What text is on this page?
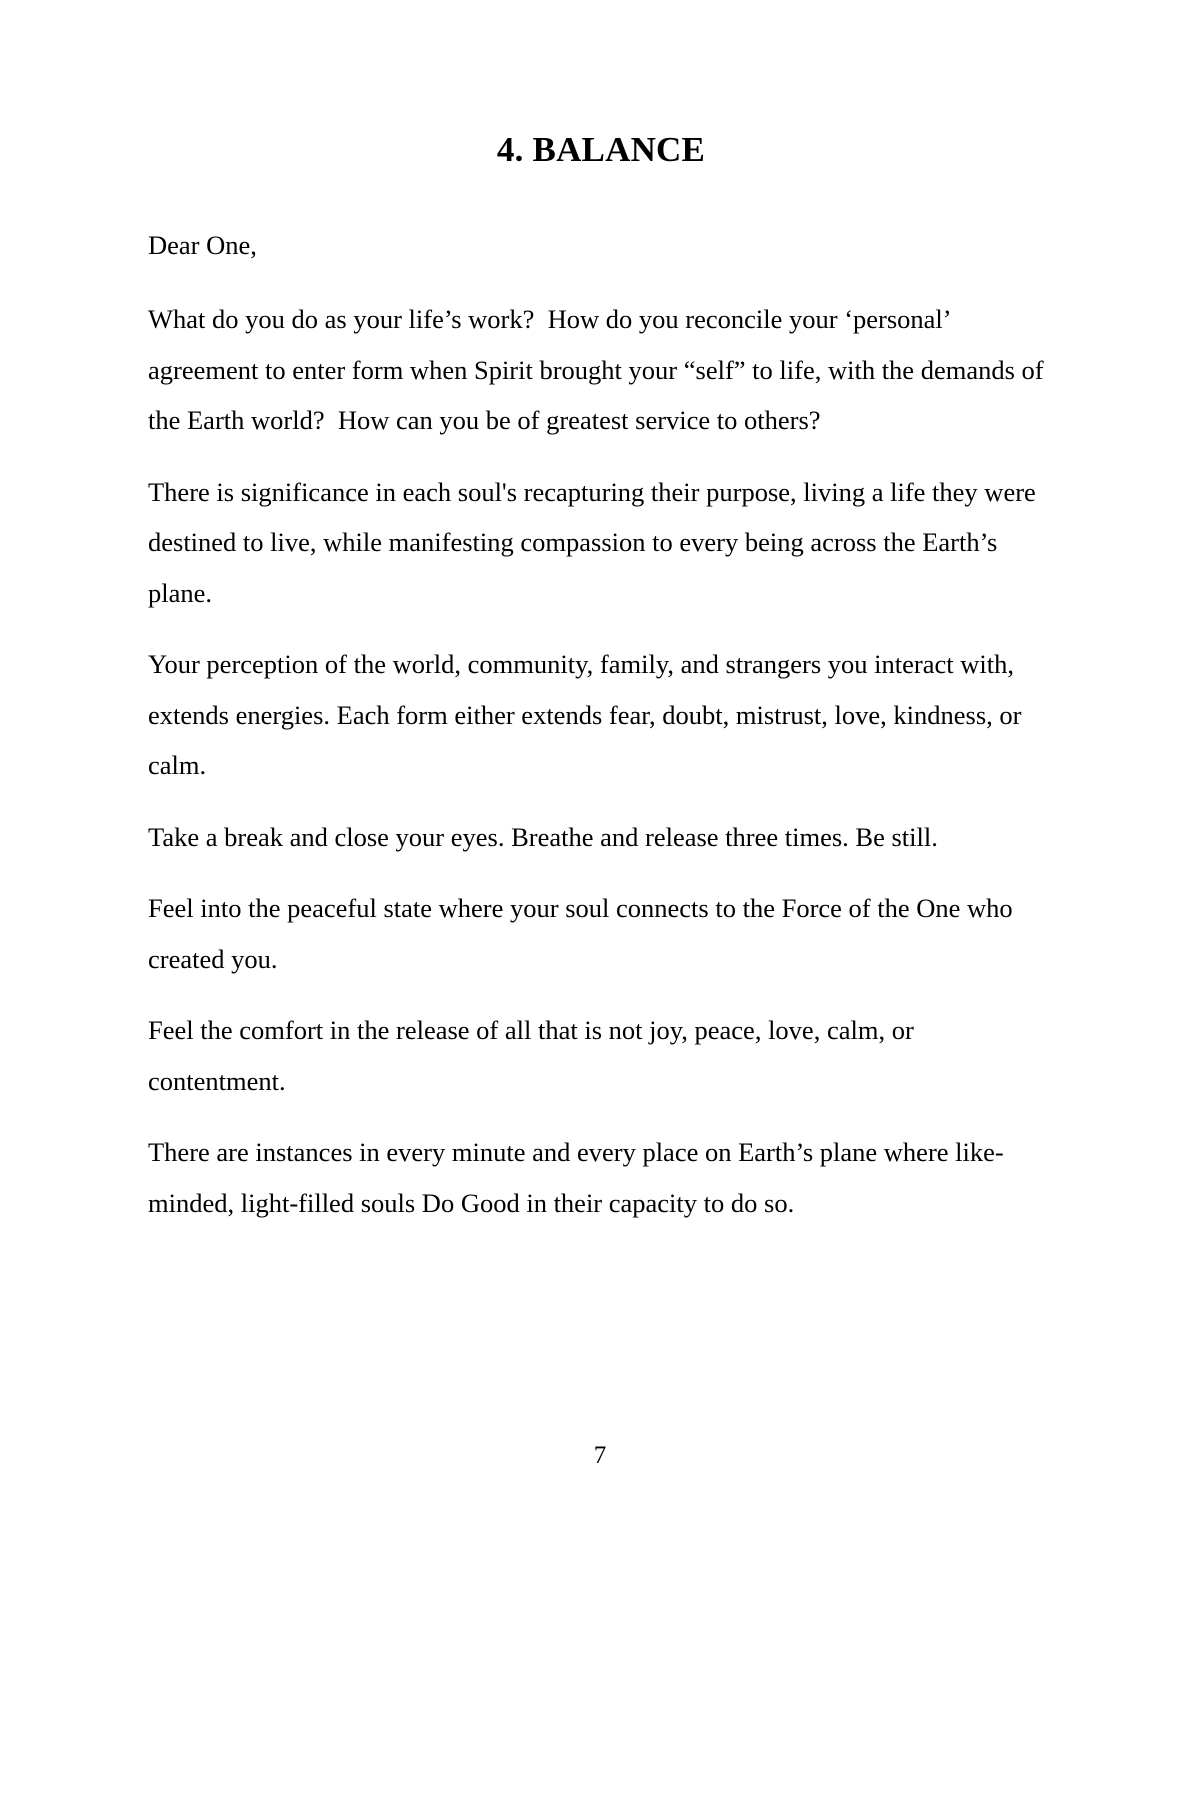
4. BALANCE

Dear One,

What do you do as your life’s work?  How do you reconcile your ‘personal’ agreement to enter form when Spirit brought your “self” to life, with the demands of the Earth world?  How can you be of greatest service to others?

There is significance in each soul's recapturing their purpose, living a life they were destined to live, while manifesting compassion to every being across the Earth’s plane.

Your perception of the world, community, family, and strangers you interact with, extends energies. Each form either extends fear, doubt, mistrust, love, kindness, or calm.

Take a break and close your eyes. Breathe and release three times. Be still.

Feel into the peaceful state where your soul connects to the Force of the One who created you.

Feel the comfort in the release of all that is not joy, peace, love, calm, or contentment.

There are instances in every minute and every place on Earth’s plane where like-minded, light-filled souls Do Good in their capacity to do so.

7
